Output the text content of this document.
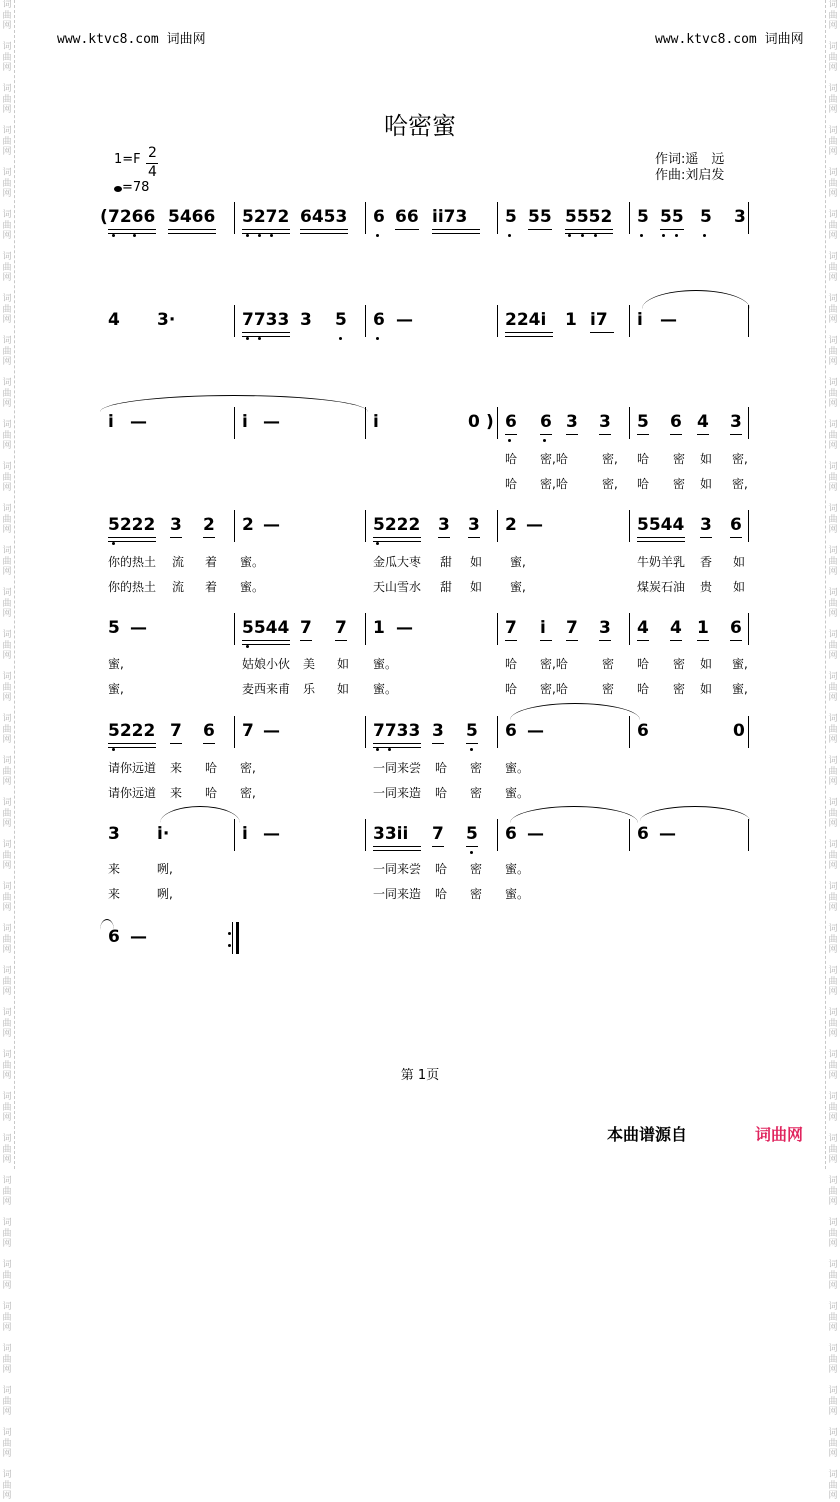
词
曲
网

词
曲
网

词
曲
网

词
曲
网

词
曲
网

词
曲
网

词
曲
网

词
曲
网

词
曲
网

词
曲
网

词
曲
网

词
曲
网

词
曲
网

词
曲
网

词
曲
网

词
曲
网

词
曲
网

词
曲
网

词
曲
网

词
曲
网

词
曲
网

词
曲
网

词
曲
网

词
曲
网

词
曲
网

词
曲
网

词
曲
网

词
曲
网

词
曲
网

词
曲
网

词
曲
网

词
曲
网

词
曲
网

词
曲
网

词
曲
网

词
曲
网

词
曲
网

词
曲
网

词
曲
网

词
曲
网

词
曲
网

词
曲
网

词
曲
网

词
曲
网

词
曲
网

词
曲
网

词
曲
网

词
曲
网

词
曲
网

词
曲
网

词
曲
网

词
曲
网

词
曲
网

词
曲
网

词
曲
网

词
曲
网

词
曲
网

词
曲
网

词
曲
网

词
曲
网

词
曲
网

词
曲
网

词
曲
网

词
曲
网

词
曲
网

词
曲
网

词
曲
网

词
曲
网

词
曲
网

词
曲
网

词
曲
网

词
曲
网

www.ktvc8.com 词曲网	www.ktvc8.com 词曲网
哈密蜜
1=F 2
4
=78
作词:遥　远
作曲:刘启发
( 7266 5466 5272 6453 6 66 i̇i̇73 5 55 5552 5 55 5 3
4 3·	7733 3 5 6 —	224i̇ 1 i̇7 i̇ —
i̇ —	i̇ —	i̇	0 ) 6 6 3 3 5 6 4 3
哈 密,哈	密, 哈 密 如 密,
哈 密,哈	密, 哈 密 如 密,
5222 3 2 2 —	5222 3 3 2 —	5544 3 6
你的热土 流 着 蜜。	金瓜大枣 甜 如 蜜,	牛奶羊乳 香 如
你的热土 流 着 蜜。	天山雪水 甜 如 蜜,	煤炭石油 贵 如
5 —	5544 7 7 1 —	7 i̇ 7 3 4 4 1 6
蜜,	姑娘小伙 美 如 蜜。	哈 密,哈	密 哈 密 如 蜜,
蜜,	麦西来甫 乐 如 蜜。	哈 密,哈	密 哈 密 如 蜜,
5222 7 6 7 —	7733 3 5 6 —	6	0
请你远道 来 哈 密,	一同来尝 哈 密 蜜。
请你远道 来 哈 密,	一同来造 哈 密 蜜。
3 i̇·	i̇ —	33i̇i̇ 7 5 6 —	6 —
来	咧,	一同来尝 哈 密 蜜。
来	咧,	一同来造 哈 密 蜜。
6 —
第 1页
本曲谱源自	词曲网
